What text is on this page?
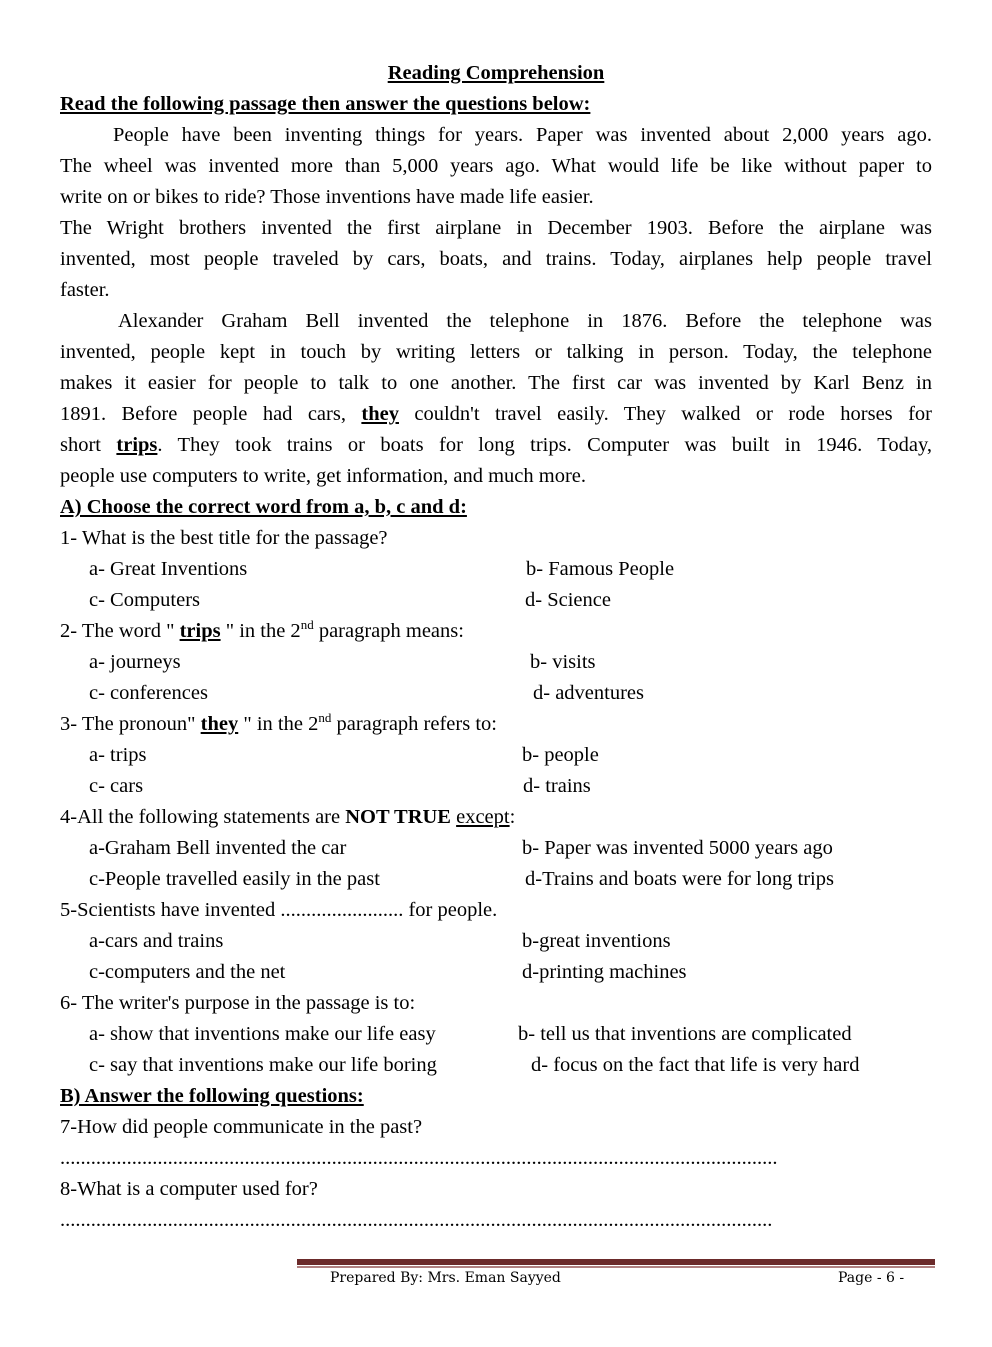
Reading Comprehension
Read the following passage then answer the questions below:
People have been inventing things for years. Paper was invented about 2,000 years ago.
The wheel was invented more than 5,000 years ago. What would life be like without paper to
write on or bikes to ride? Those inventions have made life easier.
The Wright brothers invented the first airplane in December 1903. Before the airplane was
invented, most people traveled by cars, boats, and trains. Today, airplanes help people travel
faster.
Alexander Graham Bell invented the telephone in 1876. Before the telephone was
invented, people kept in touch by writing letters or talking in person. Today, the telephone
makes it easier for people to talk to one another. The first car was invented by Karl Benz in
1891. Before people had cars, they couldn't travel easily. They walked or rode horses for
short trips. They took trains or boats for long trips. Computer was built in 1946. Today,
people use computers to write, get information, and much more.
A) Choose the correct word from a, b, c and d:
1- What is the best title for the passage?
a- Great Inventions	b- Famous People
c- Computers	d- Science
2- The word " trips " in the 2nd paragraph means:
a- journeys	b- visits
c- conferences	d- adventures
3- The pronoun" they " in the 2nd paragraph refers to:
a- trips	b- people
c- cars	d- trains
4-All the following statements are NOT TRUE except:
a-Graham Bell invented the car	b- Paper was invented 5000 years ago
c-People travelled easily in the past	d-Trains and boats were for long trips
5-Scientists have invented ........................ for people.
a-cars and trains	b-great inventions
c-computers and the net	d-printing machines
6- The writer's purpose in the passage is to:
a- show that inventions make our life easy	b- tell us that inventions are complicated
c- say that inventions make our life boring	d- focus on the fact that life is very hard
B) Answer the following questions:
7-How did people communicate in the past?
............................................................................................................................................
8-What is a computer used for?
...........................................................................................................................................
Prepared By: Mrs. Eman Sayyed	Page - 6 -
